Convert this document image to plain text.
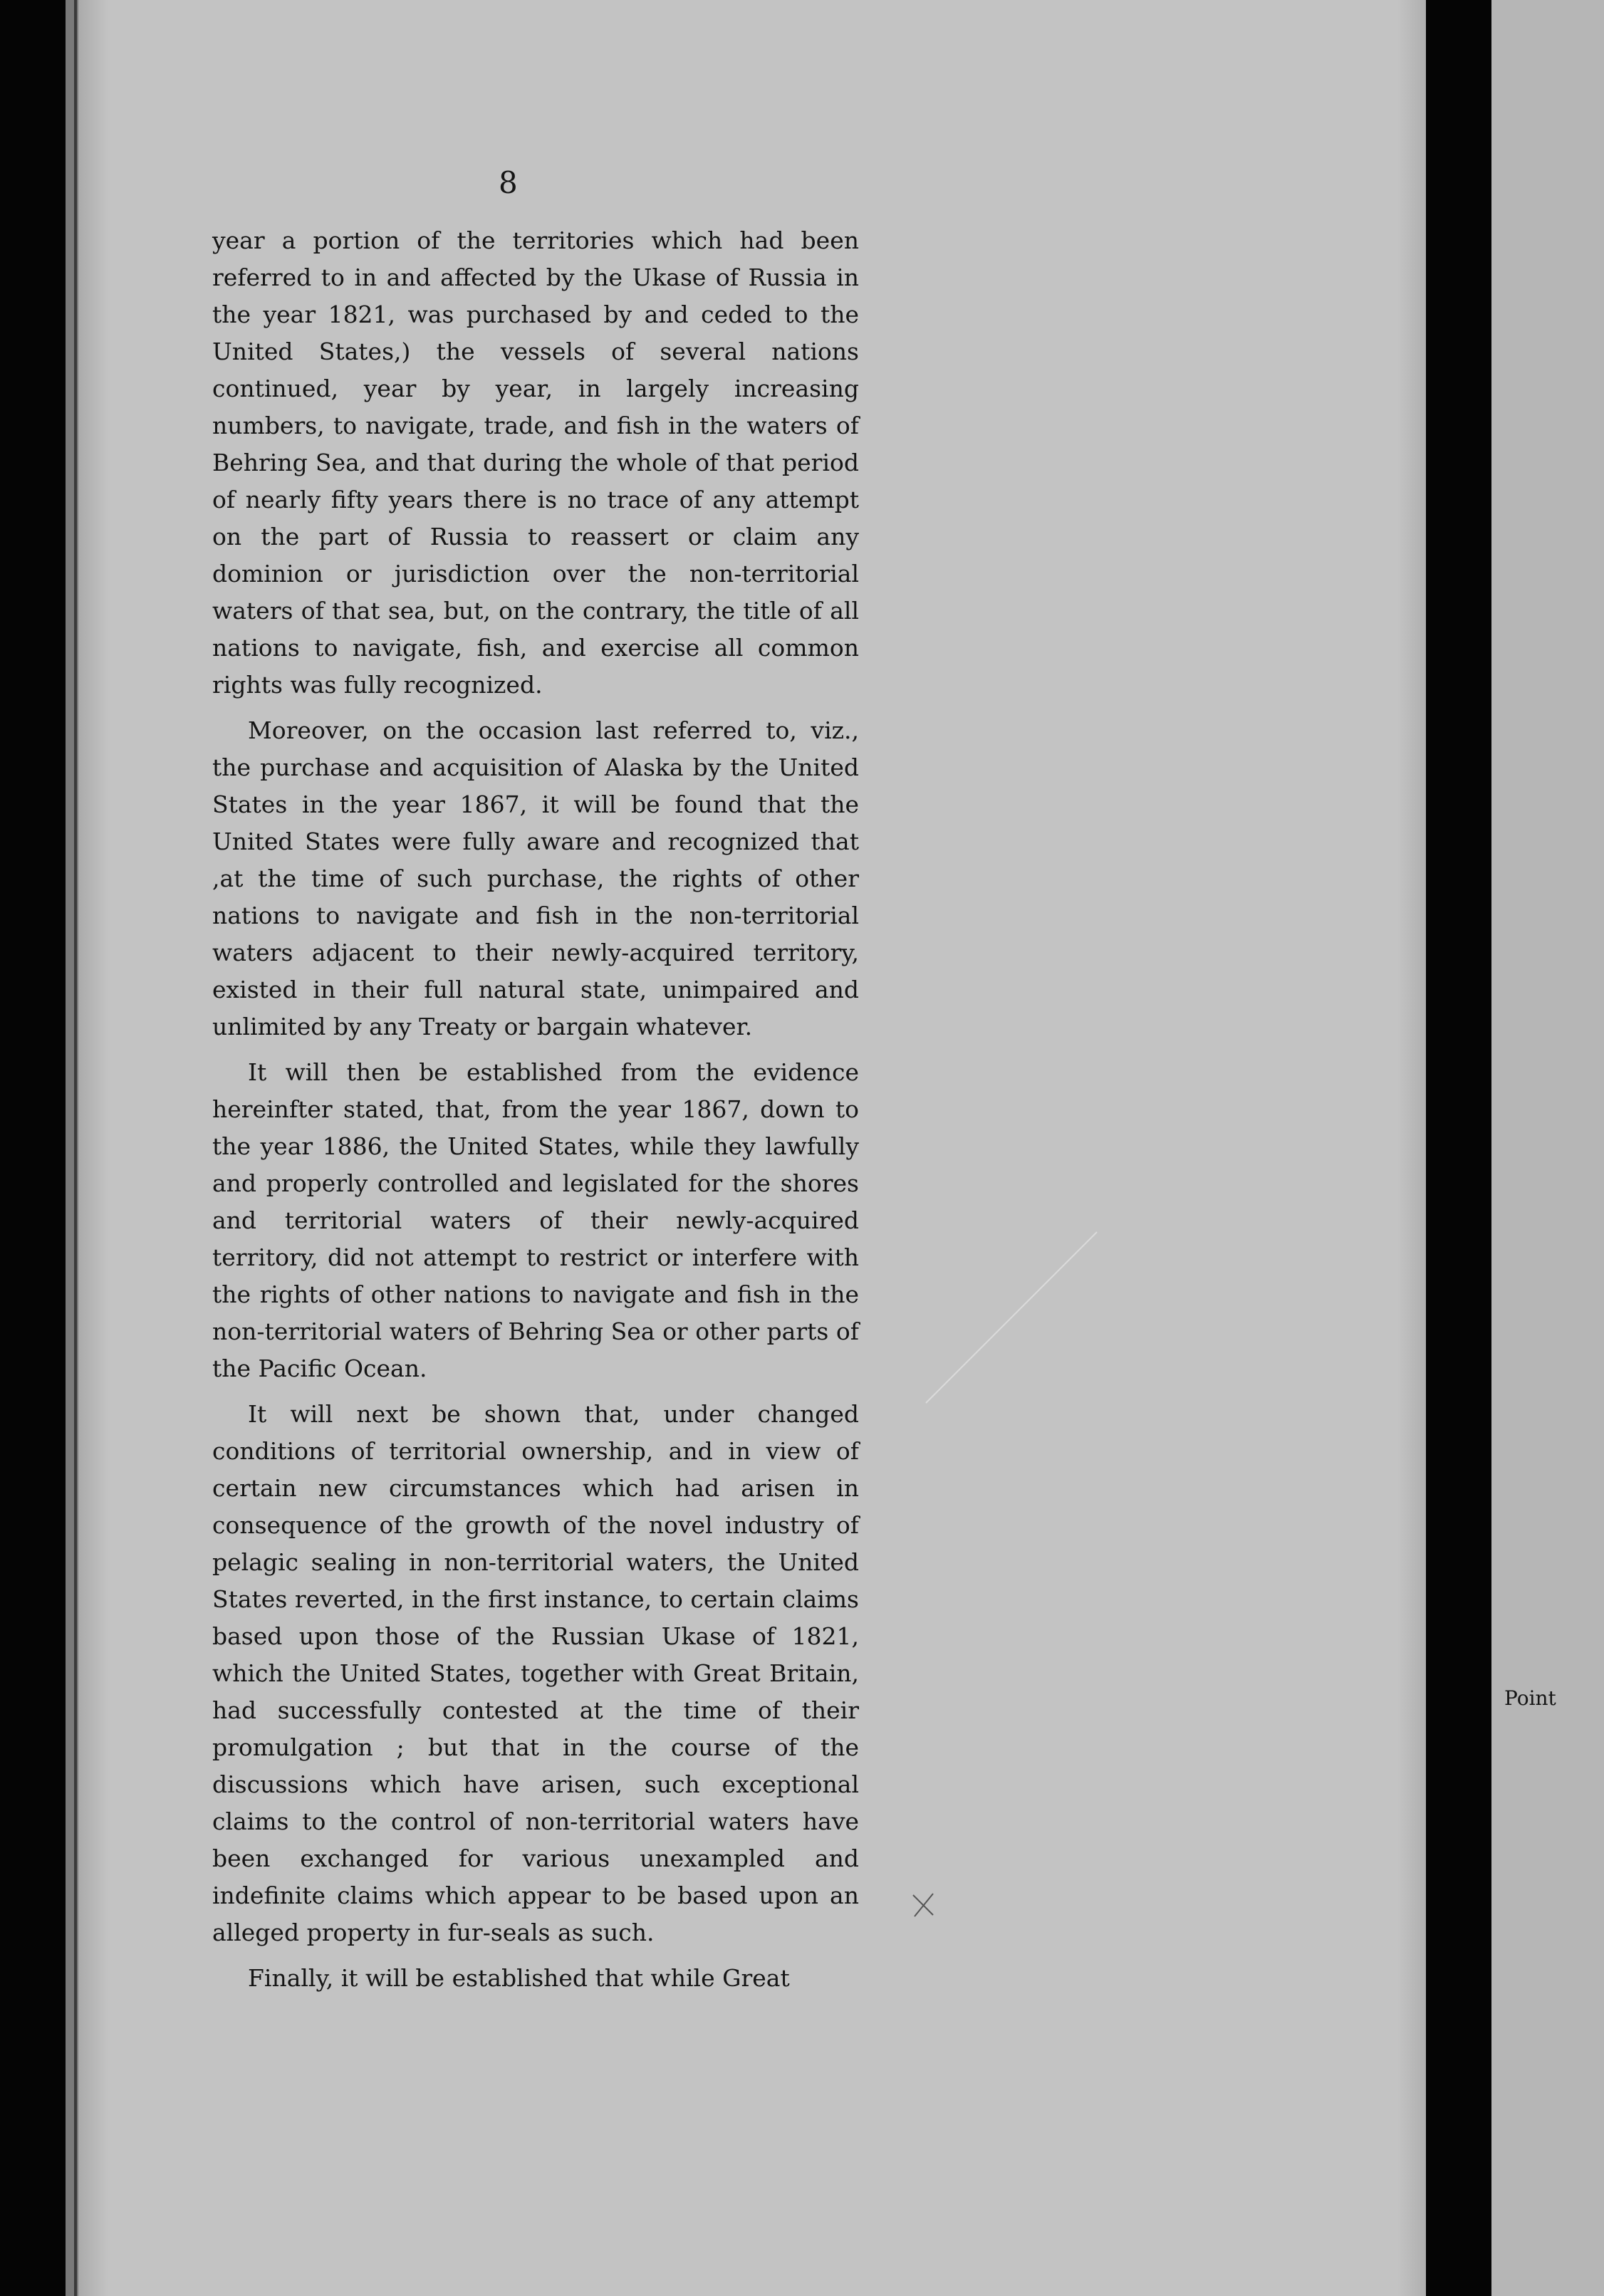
8

year a portion of the territories which had been referred to in and affected by the Ukase of Russia in the year 1821, was purchased by and ceded to the United States,) the vessels of several nations continued, year by year, in largely increasing numbers, to navigate, trade, and fish in the waters of Behring Sea, and that during the whole of that period of nearly fifty years there is no trace of any attempt on the part of Russia to reassert or claim any dominion or jurisdiction over the non-territorial waters of that sea, but, on the contrary, the title of all nations to navigate, fish, and exercise all common rights was fully recognized.

Moreover, on the occasion last referred to, viz., the purchase and acquisition of Alaska by the United States in the year 1867, it will be found that the United States were fully aware and recognized that ,at the time of such purchase, the rights of other nations to navigate and fish in the non-territorial waters adjacent to their newly-acquired territory, existed in their full natural state, unimpaired and unlimited by any Treaty or bargain whatever.

It will then be established from the evidence hereinfter stated, that, from the year 1867, down to the year 1886, the United States, while they lawfully and properly controlled and legislated for the shores and territorial waters of their newly-acquired territory, did not attempt to restrict or interfere with the rights of other nations to navigate and fish in the non-territorial waters of Behring Sea or other parts of the Pacific Ocean.

It will next be shown that, under changed conditions of territorial ownership, and in view of certain new circumstances which had arisen in consequence of the growth of the novel industry of pelagic sealing in non-territorial waters, the United States reverted, in the first instance, to certain claims based upon those of the Russian Ukase of 1821, which the United States, together with Great Britain, had successfully contested at the time of their promulgation ; but that in the course of the discussions which have arisen, such exceptional claims to the control of non-territorial waters have been exchanged for various unexampled and indefinite claims which appear to be based upon an alleged property in fur-seals as such.

Finally, it will be established that while Great

Point
